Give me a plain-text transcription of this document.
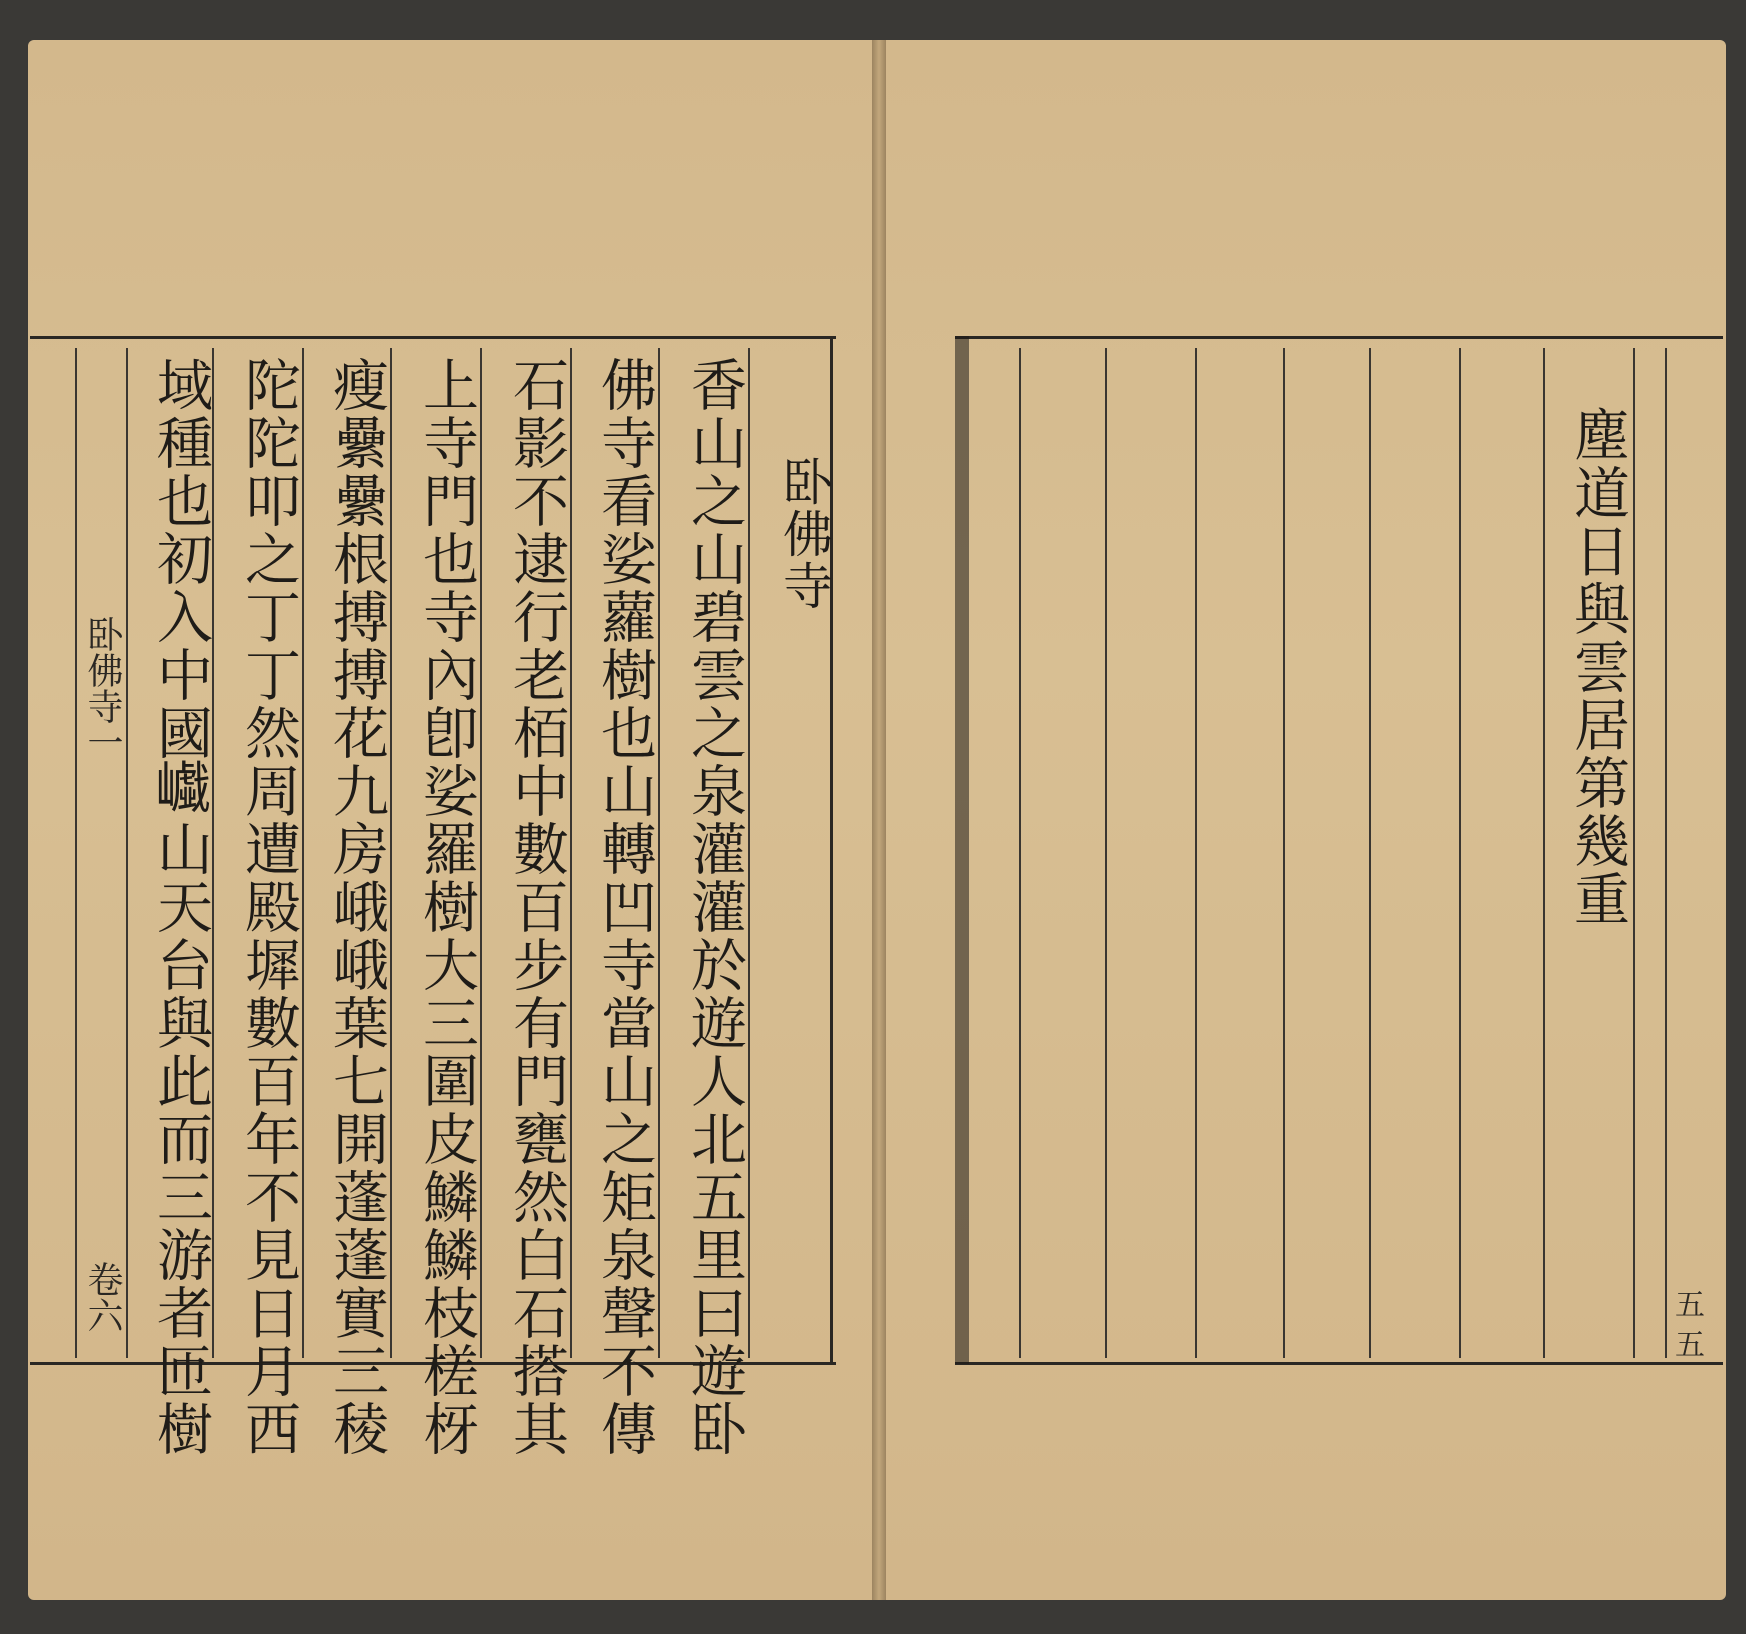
卧佛寺
香山之山碧雲之泉灌灌於遊人北五里曰遊卧
佛寺看娑蘿樹也山轉凹寺當山之矩泉聲不傳
石影不逮行老栢中數百步有門甕然白石搭其
上寺門也寺內卽娑羅樹大三圍皮鱗鱗枝槎枒
瘦纍纍根搏搏花九房峨峨葉七開蓬蓬實三稜
陀陀叩之丁丁然周遭殿墀數百年不見日月西
域種也初入中國𡾟山天台與此而三游者匝樹
卧佛寺一
卷六
塵道日與雲居第幾重
五五
